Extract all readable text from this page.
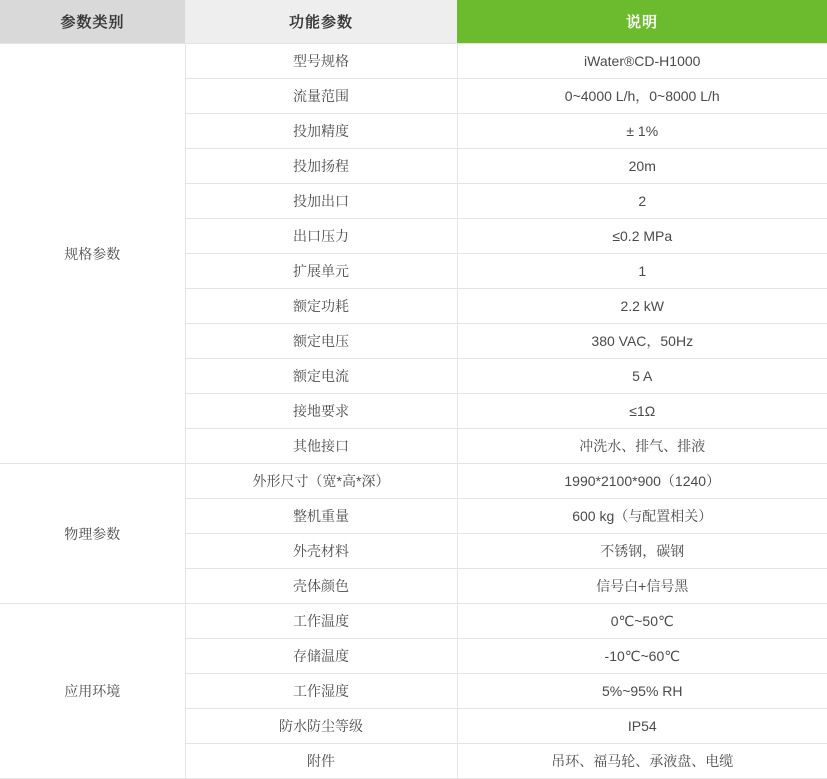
参数类别	功能参数	说明
规格参数	型号规格	iWater®CD-H1000
	流量范围	0~4000 L/h，0~8000 L/h
	投加精度	± 1%
	投加扬程	20m
	投加出口	2
	出口压力	≤0.2 MPa
	扩展单元	1
	额定功耗	2.2 kW
	额定电压	380 VAC，50Hz
	额定电流	5 A
	接地要求	≤1Ω
	其他接口	冲洗水、排气、排液
物理参数	外形尺寸（宽*高*深）	1990*2100*900（1240）
	整机重量	600 kg（与配置相关）
	外壳材料	不锈钢，碳钢
	壳体颜色	信号白+信号黑
应用环境	工作温度	0℃~50℃
	存储温度	-10℃~60℃
	工作湿度	5%~95% RH
	防水防尘等级	IP54
	附件	吊环、福马轮、承液盘、电缆
